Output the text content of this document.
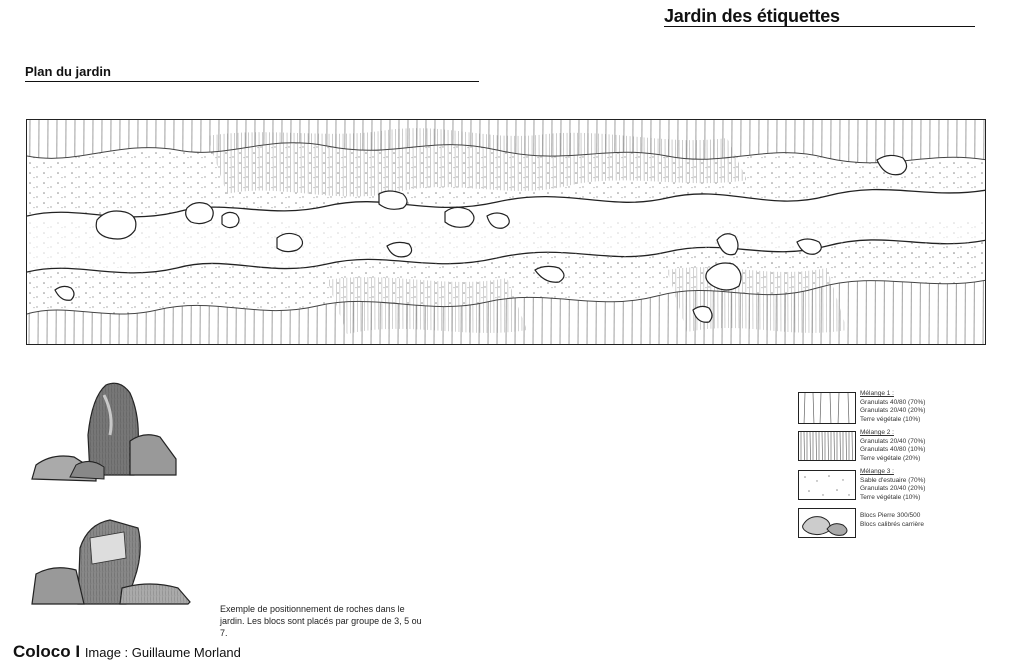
Jardin des étiquettes
Plan du jardin
Exemple de positionnement de roches dans le jardin. Les blocs sont placés par groupe de 3, 5 ou 7.
Mélange 1 :
Granulats 40/80 (70%)
Granulats 20/40 (20%)
Terre végétale (10%)
Mélange 2 :
Granulats 20/40 (70%)
Granulats 40/80 (10%)
Terre végétale (20%)
Mélange 3 :
Sable d'estuaire (70%)
Granulats 20/40 (20%)
Terre végétale (10%)
Blocs Pierre 300/500
Blocs calibrés carrière
Coloco I Image : Guillaume Morland
